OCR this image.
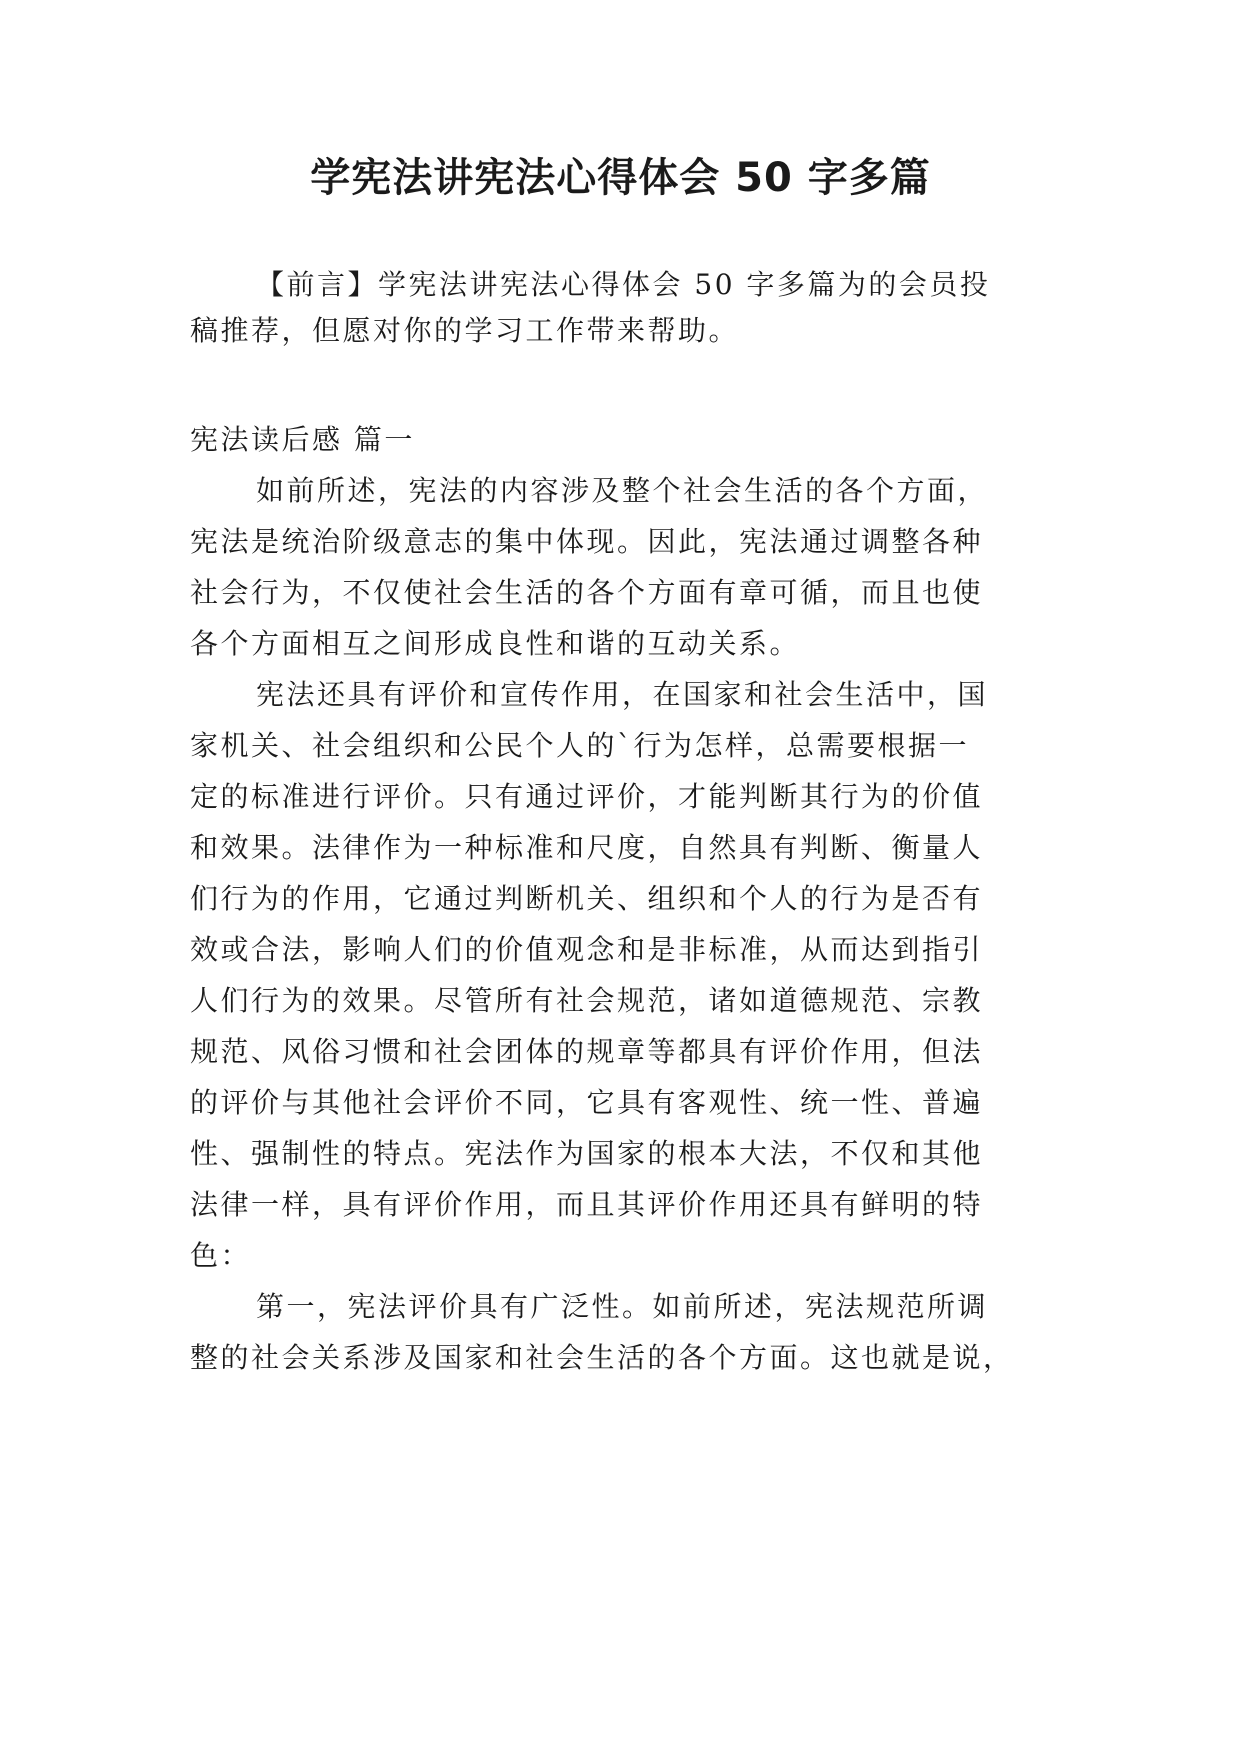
学宪法讲宪法心得体会 50 字多篇

【前言】学宪法讲宪法心得体会 50 字多篇为的会员投

稿推荐，但愿对你的学习工作带来帮助。

宪法读后感 篇一

如前所述，宪法的内容涉及整个社会生活的各个方面，

宪法是统治阶级意志的集中体现。因此，宪法通过调整各种

社会行为，不仅使社会生活的各个方面有章可循，而且也使

各个方面相互之间形成良性和谐的互动关系。

宪法还具有评价和宣传作用，在国家和社会生活中，国

家机关、社会组织和公民个人的`行为怎样，总需要根据一

定的标准进行评价。只有通过评价，才能判断其行为的价值

和效果。法律作为一种标准和尺度，自然具有判断、衡量人

们行为的作用，它通过判断机关、组织和个人的行为是否有

效或合法，影响人们的价值观念和是非标准，从而达到指引

人们行为的效果。尽管所有社会规范，诸如道德规范、宗教

规范、风俗习惯和社会团体的规章等都具有评价作用，但法

的评价与其他社会评价不同，它具有客观性、统一性、普遍

性、强制性的特点。宪法作为国家的根本大法，不仅和其他

法律一样，具有评价作用，而且其评价作用还具有鲜明的特

色：

第一，宪法评价具有广泛性。如前所述，宪法规范所调

整的社会关系涉及国家和社会生活的各个方面。这也就是说，
